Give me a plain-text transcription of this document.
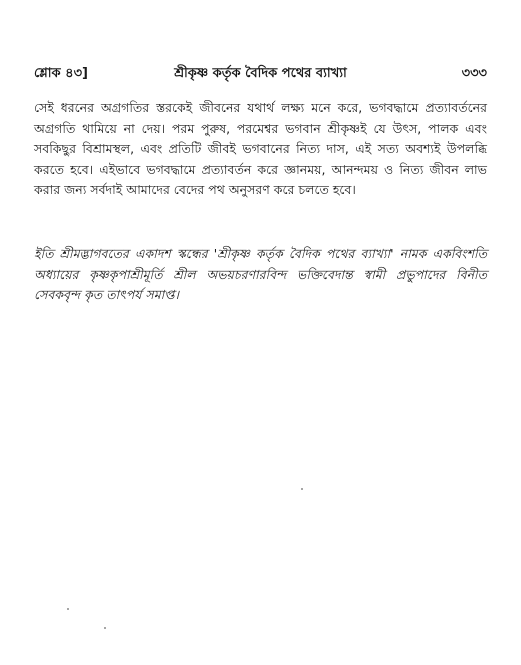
শ্লোক ৪৩]	শ্রীকৃষ্ণ কর্তৃক বৈদিক পথের ব্যাখ্যা	৩৩৩

সেই ধরনের অগ্রগতির স্তরকেই জীবনের যথার্থ লক্ষ্য মনে করে, ভগবদ্ধামে প্রত্যাবর্তনের অগ্রগতি থামিয়ে না দেয়। পরম পুরুষ, পরমেশ্বর ভগবান শ্রীকৃষ্ণই যে উৎস, পালক এবং সবকিছুর বিশ্রামস্থল, এবং প্রতিটি জীবই ভগবানের নিত্য দাস, এই সত্য অবশ্যই উপলব্ধি করতে হবে। এইভাবে ভগবদ্ধামে প্রত্যাবর্তন করে জ্ঞানময়, আনন্দময় ও নিত্য জীবন লাভ করার জন্য সর্বদাই আমাদের বেদের পথ অনুসরণ করে চলতে হবে।

ইতি শ্রীমদ্ভাগবতের একাদশ স্কন্ধের 'শ্রীকৃষ্ণ কর্তৃক বৈদিক পথের ব্যাখ্যা' নামক একবিংশতি অধ্যায়ের কৃষ্ণকৃপাশ্রীমূর্তি শ্রীল অভয়চরণারবিন্দ ভক্তিবেদান্ত স্বামী প্রভুপাদের বিনীত সেবকবৃন্দ কৃত তাৎপর্য সমাপ্ত।
